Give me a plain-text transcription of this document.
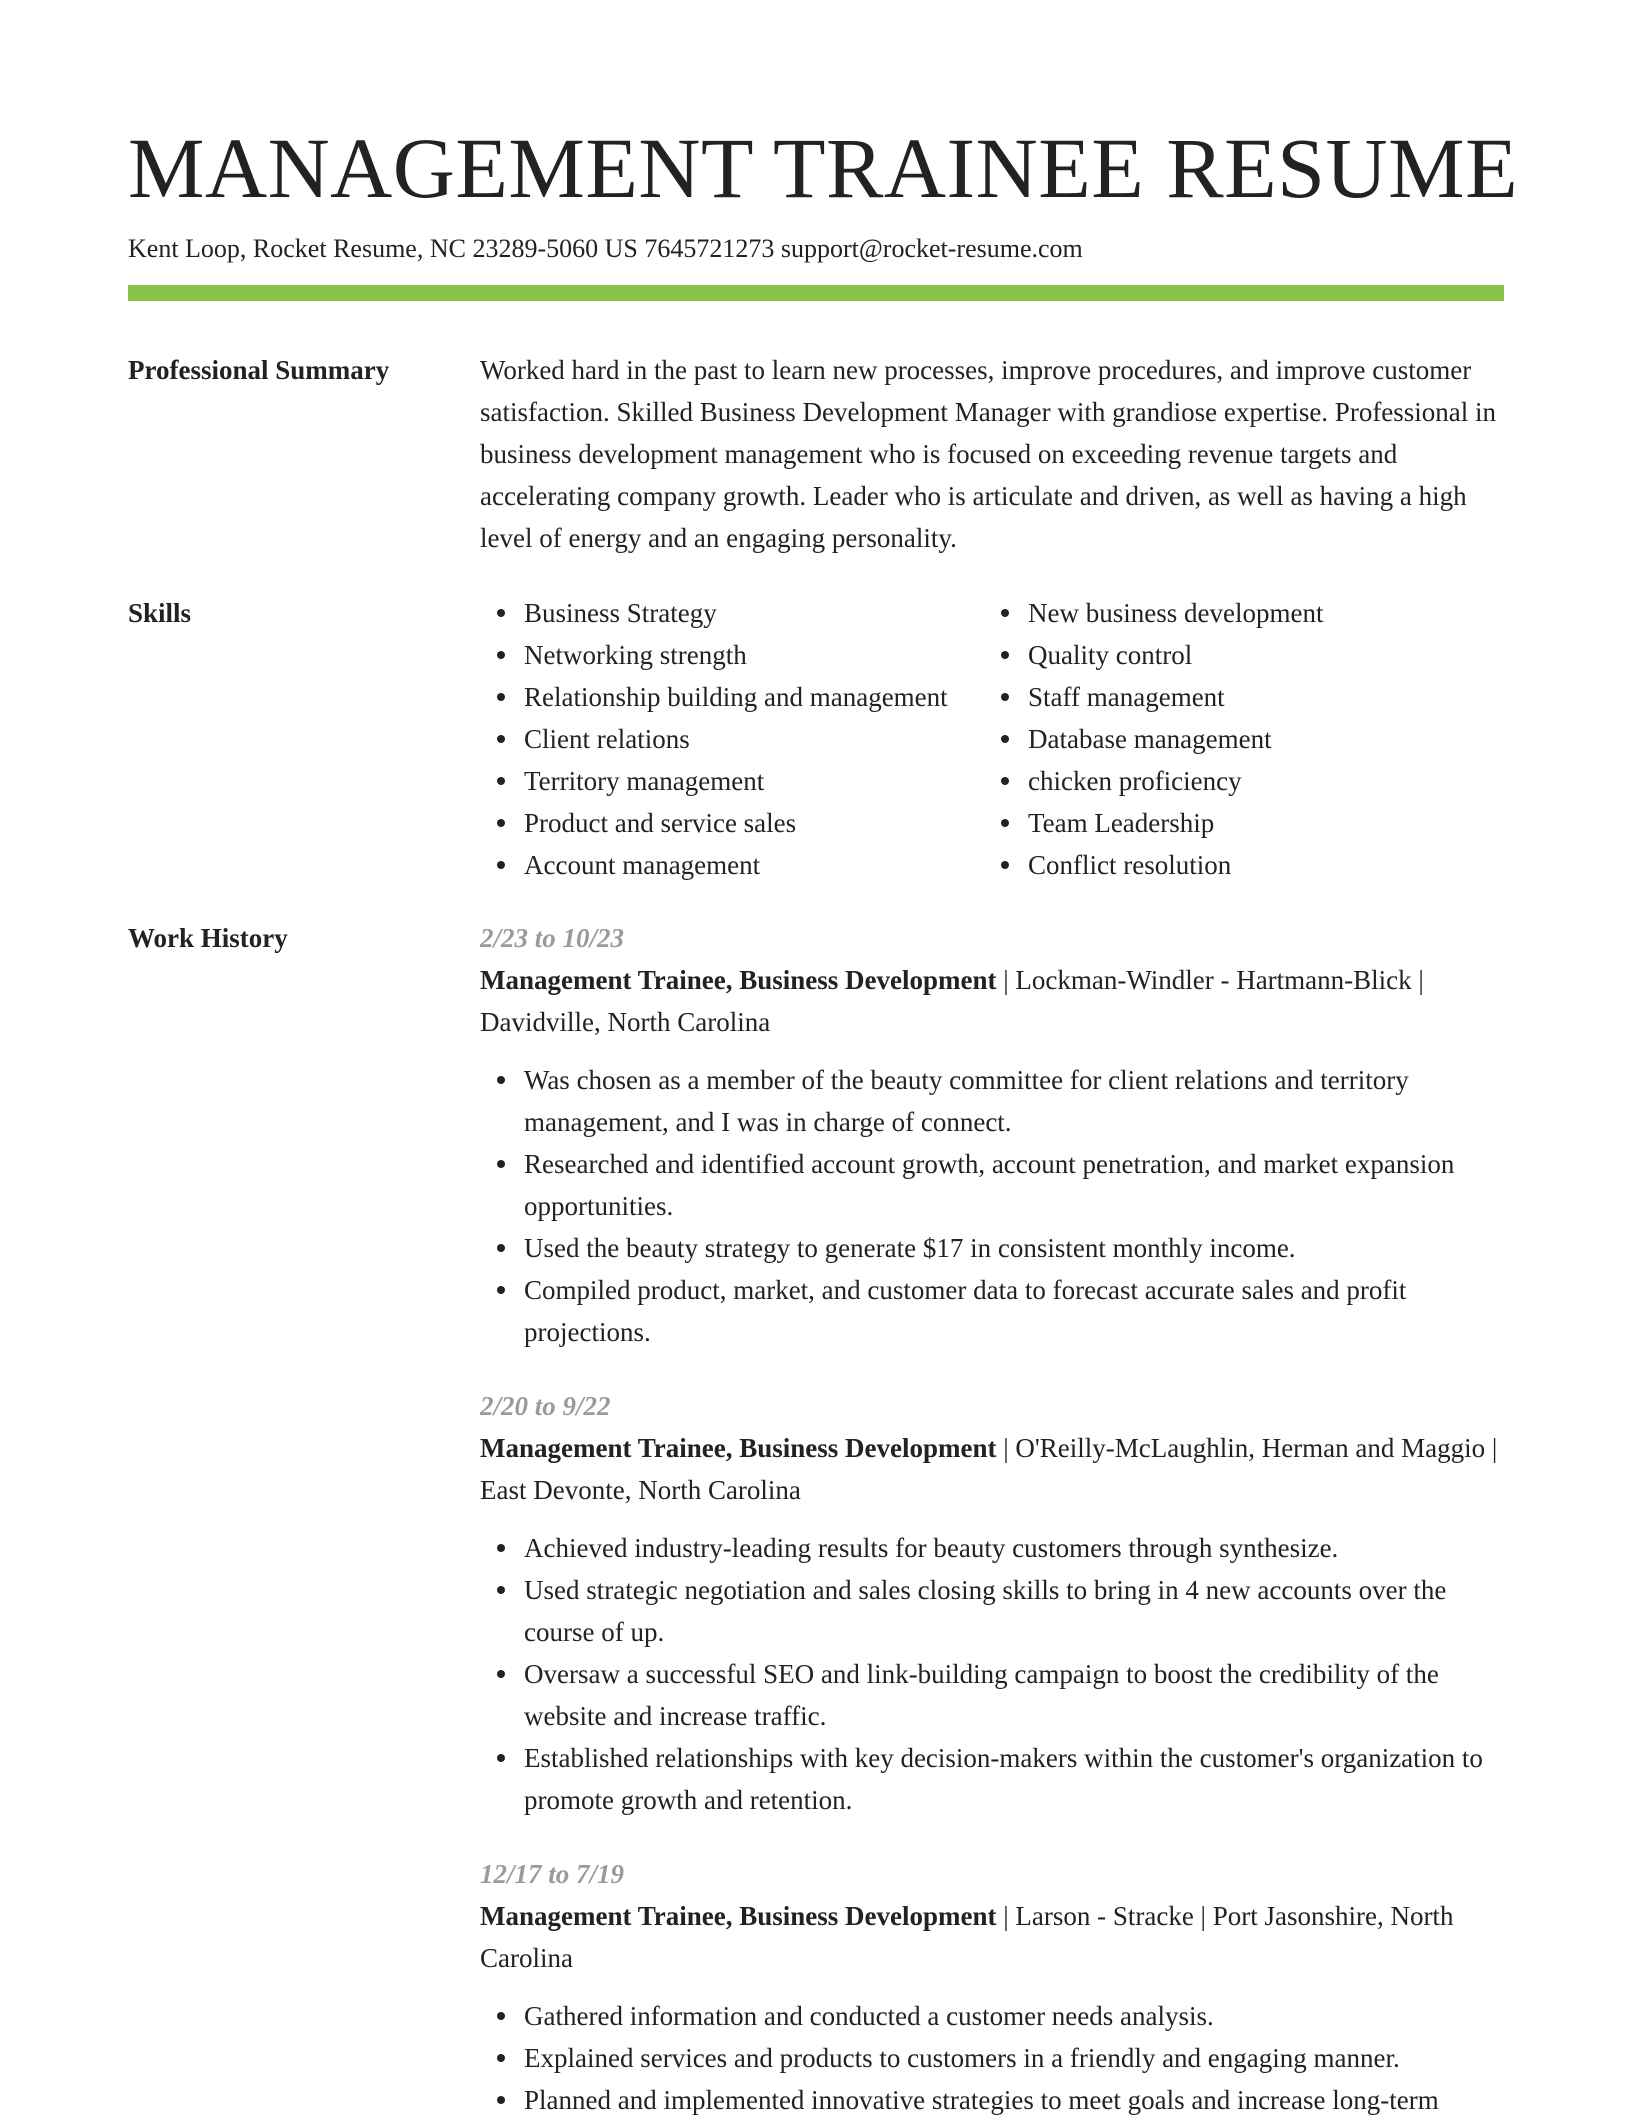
MANAGEMENT TRAINEE RESUME
Kent Loop, Rocket Resume, NC 23289-5060 US 7645721273 support@rocket-resume.com
Professional Summary	Worked hard in the past to learn new processes, improve procedures, and improve customer satisfaction. Skilled Business Development Manager with grandiose expertise. Professional in business development management who is focused on exceeding revenue targets and accelerating company growth. Leader who is articulate and driven, as well as having a high level of energy and an engaging personality.

Skills	Business Strategy
Networking strength
Relationship building and management
Client relations
Territory management
Product and service sales
Account management
New business development
Quality control
Staff management
Database management
chicken proficiency
Team Leadership
Conflict resolution
Work History	2/23 to 10/23
Management Trainee, Business Development | Lockman-Windler - Hartmann-Blick | Davidville, North Carolina
Was chosen as a member of the beauty committee for client relations and territory management, and I was in charge of connect.
Researched and identified account growth, account penetration, and market expansion opportunities.
Used the beauty strategy to generate $17 in consistent monthly income.
Compiled product, market, and customer data to forecast accurate sales and profit projections.
2/20 to 9/22
Management Trainee, Business Development | O'Reilly-McLaughlin, Herman and Maggio | East Devonte, North Carolina
Achieved industry-leading results for beauty customers through synthesize.
Used strategic negotiation and sales closing skills to bring in 4 new accounts over the course of up.
Oversaw a successful SEO and link-building campaign to boost the credibility of the website and increase traffic.
Established relationships with key decision-makers within the customer's organization to promote growth and retention.
12/17 to 7/19
Management Trainee, Business Development | Larson - Stracke | Port Jasonshire, North Carolina
Gathered information and conducted a customer needs analysis.
Explained services and products to customers in a friendly and engaging manner.
Planned and implemented innovative strategies to meet goals and increase long-term
